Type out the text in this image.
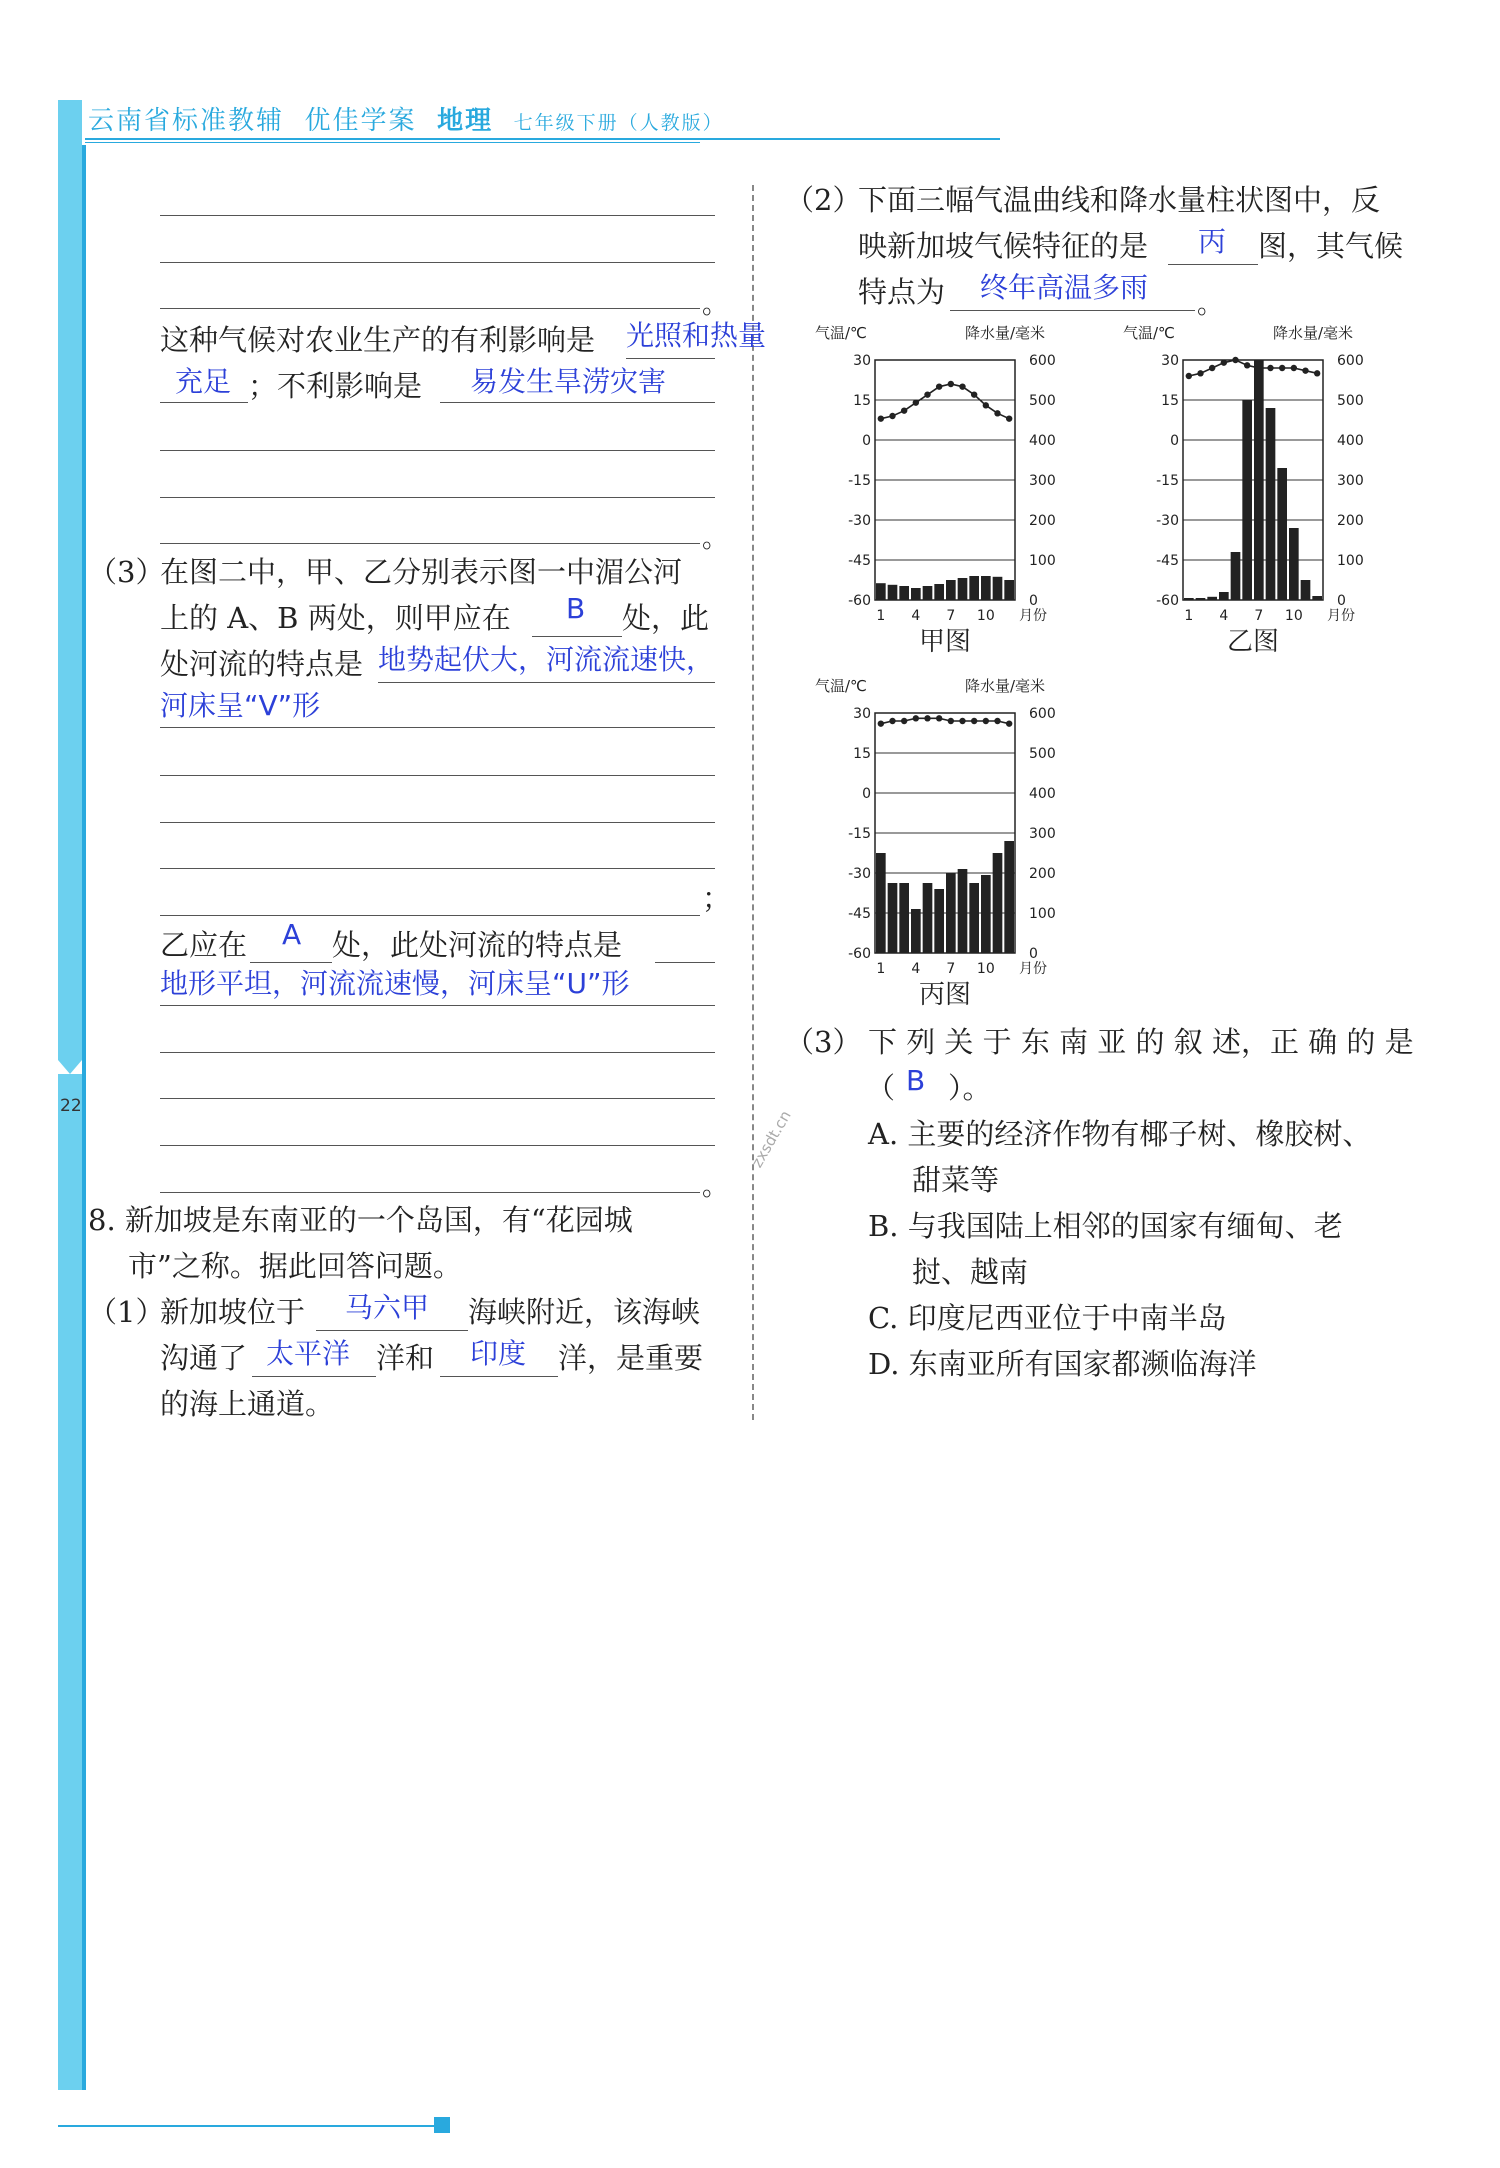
22
云南省标准教辅 优佳学案 地理 七年级下册（人教版）
zxsdt.cn
。
这种气候对农业生产的有利影响是 光照和热量
充足 ；不利影响是 易发生旱涝灾害
。
（3）
在图二中，甲、乙分别表示图一中湄公河
上的 A、B 两处，则甲应在 B 处，此
处河流的特点是 地势起伏大，河流流速快，
河床呈“V”形
；
乙应在 A 处，此处河流的特点是
地形平坦，河流流速慢，河床呈“U”形
。
8. 新加坡是东南亚的一个岛国，有“花园城
市”之称。据此回答问题。
（1）
新加坡位于 马六甲 海峡附近，该海峡
沟通了 太平洋 洋和 印度 洋，是重要
的海上通道。
（2）
下面三幅气温曲线和降水量柱状图中，反
映新加坡气候特征的是 丙 图，其气候
特点为 终年高温多雨
。
气温/℃	降水量/毫米
30	600
15	500
0	400
-15	300
-30	200
-45	100
-60	0
1 4 7 10 月份
甲图
气温/℃	降水量/毫米
30	600
15	500
0	400
-15	300
-30	200
-45	100
-60	0
1 4 7 10 月份
乙图
气温/℃	降水量/毫米
30	600
15	500
0	400
-15	300
-30	200
-45	100
-60	0
1 4 7 10 月份
丙图
（3） 下 列 关 于 东 南 亚 的 叙 述，正 确 的 是
（ B ）。
A. 主要的经济作物有椰子树、橡胶树、
甜菜等
B. 与我国陆上相邻的国家有缅甸、老
挝、越南
C. 印度尼西亚位于中南半岛
D. 东南亚所有国家都濒临海洋
